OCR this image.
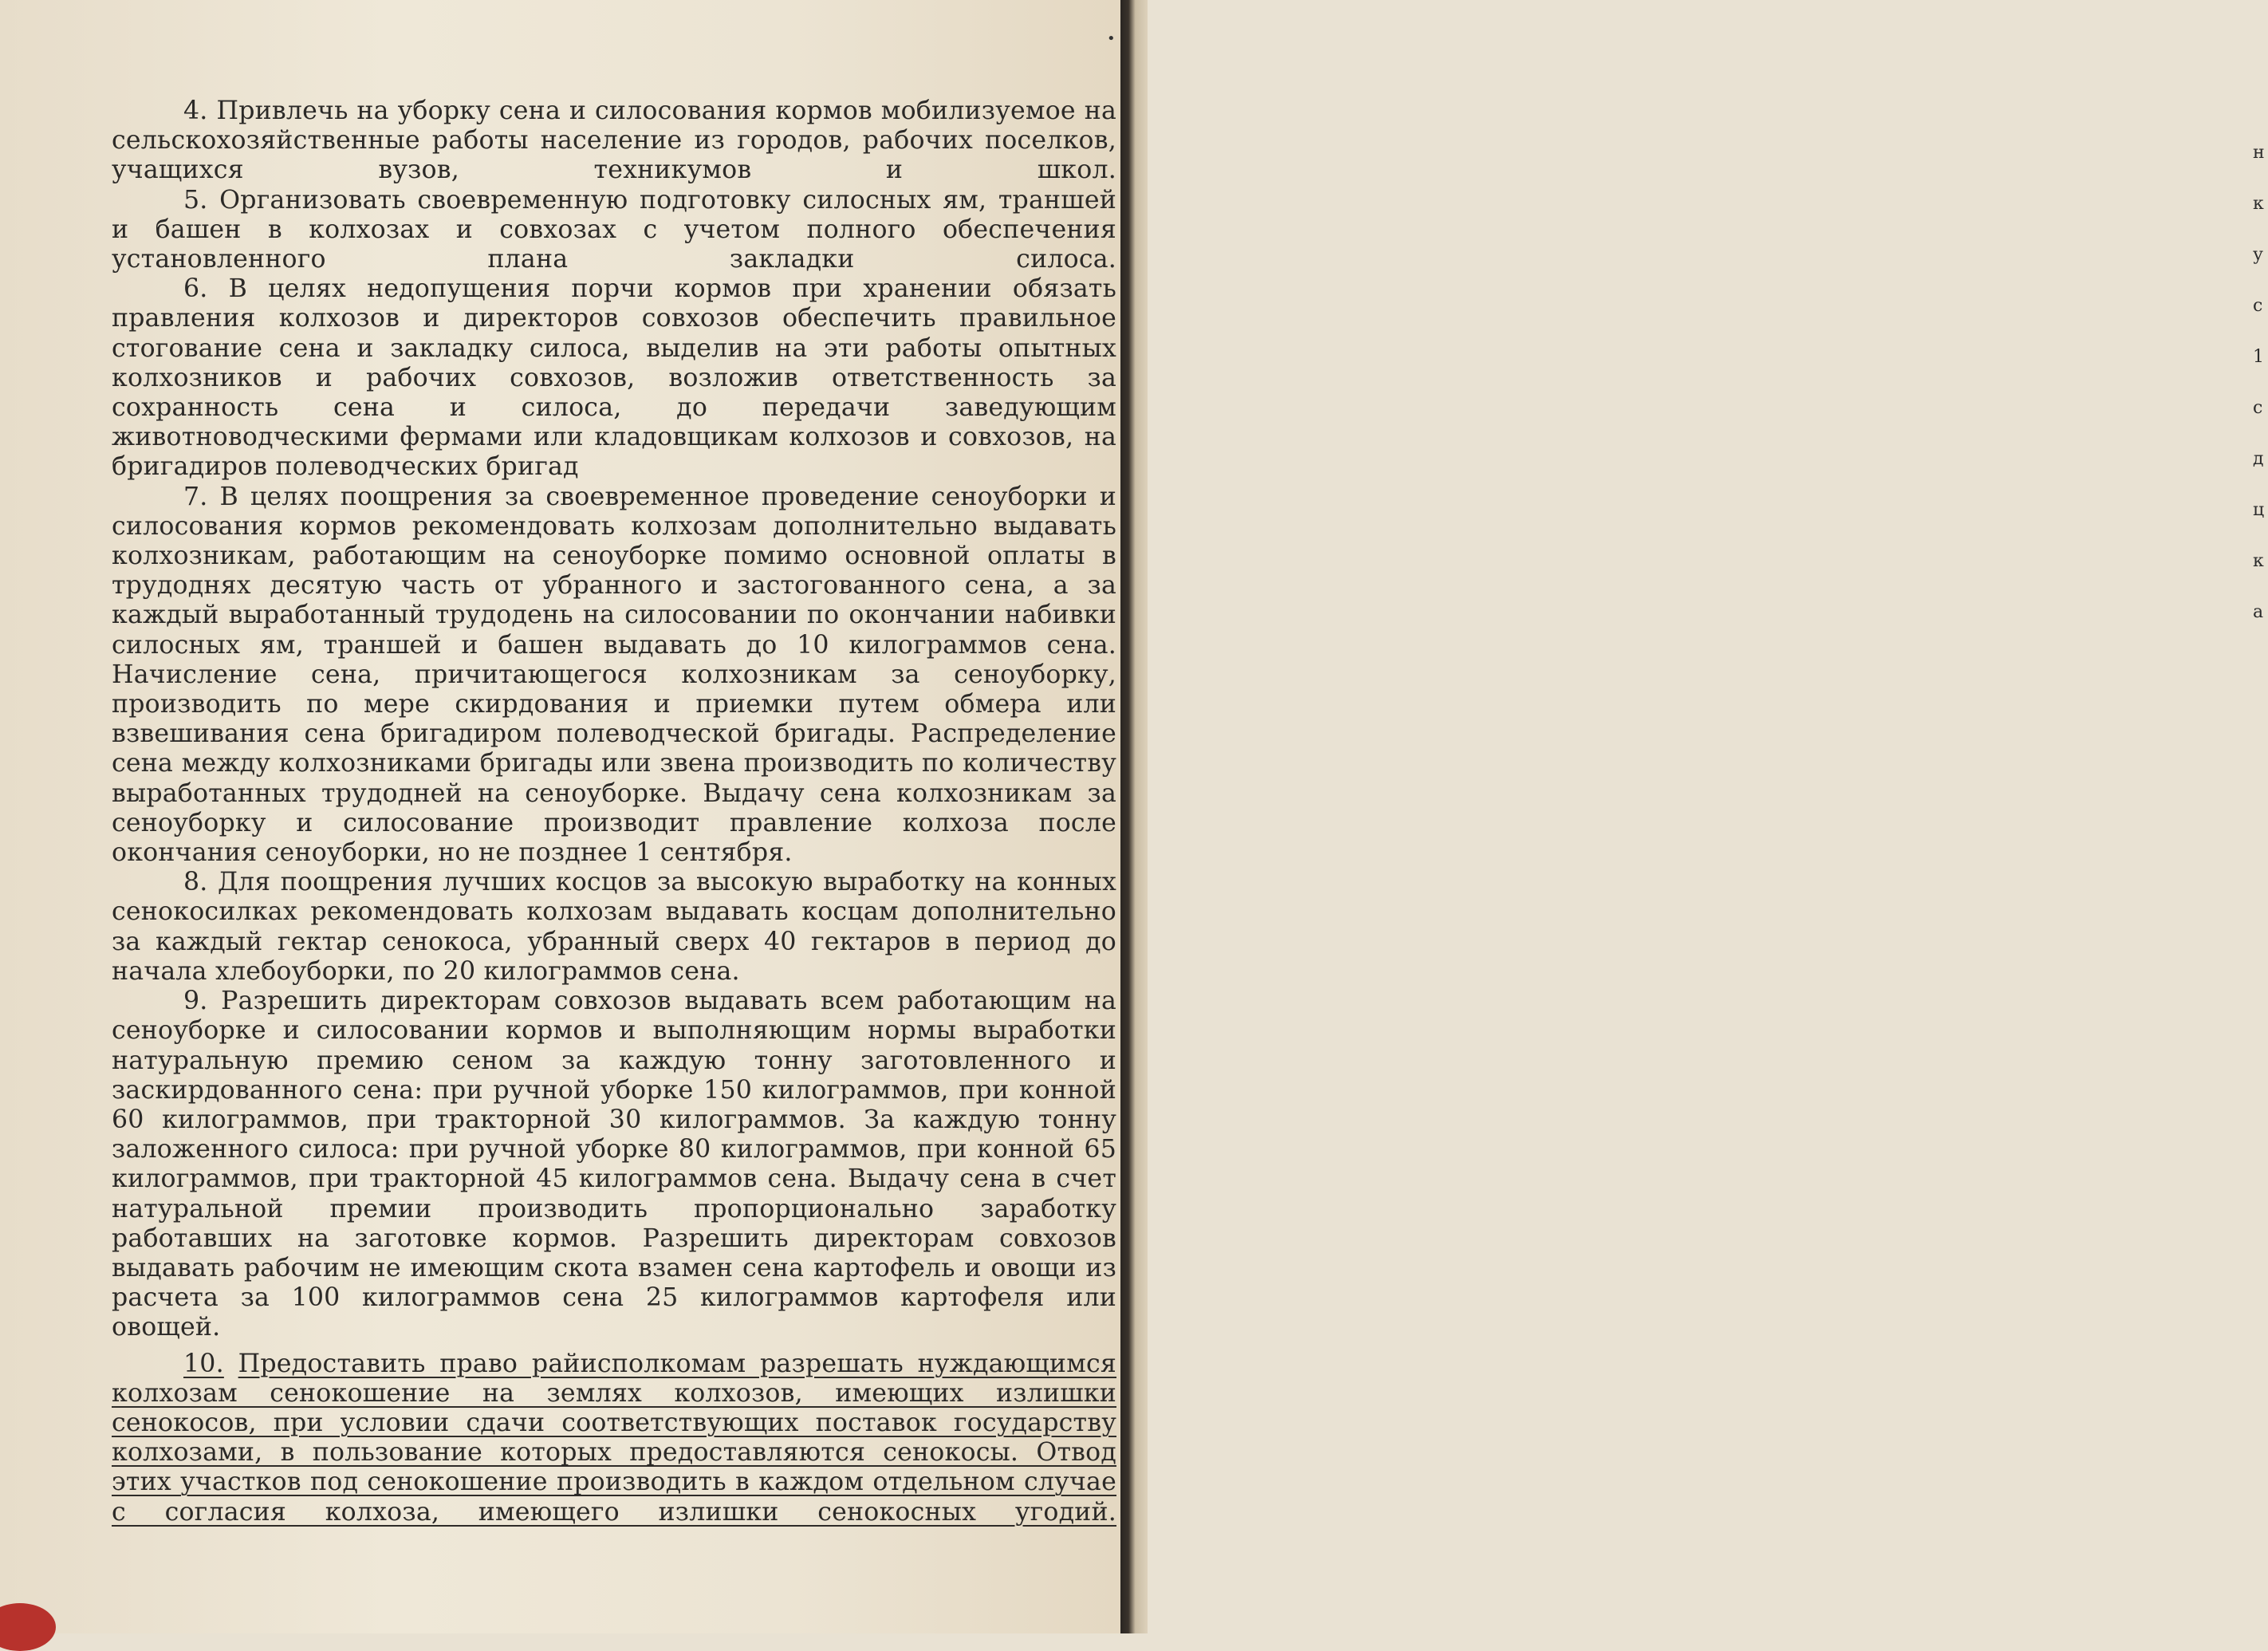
•

4. Привлечь на уборку сена и силосования кормов мобилизуемое на сельскохозяйственные работы население из городов, рабочих поселков, учащихся вузов, техникумов и школ.

5. Организовать своевременную подготовку силосных ям, траншей и башен в колхозах и совхозах с учетом полного обеспечения установленного плана закладки силоса.

6. В целях недопущения порчи кормов при хранении обязать правления колхозов и директоров совхозов обеспечить правильное стогование сена и закладку силоса, выделив на эти работы опытных колхозников и рабочих совхозов, возложив ответственность за сохранность сена и силоса, до передачи заведующим животноводческими фермами или кладовщикам колхозов и совхозов, на бригадиров полеводческих бригад

7. В целях поощрения за своевременное проведение сеноуборки и силосования кормов рекомендовать колхозам дополнительно выдавать колхозникам, работающим на сеноуборке помимо основной оплаты в трудоднях десятую часть от убранного и застогованного сена, а за каждый выработанный трудодень на силосовании по окончании набивки силосных ям, траншей и башен выдавать до 10 килограммов сена. Начисление сена, причитающегося колхозникам за сеноуборку, производить по мере скирдования и приемки путем обмера или взвешивания сена бригадиром полеводческой бригады. Распределение сена между колхозниками бригады или звена производить по количеству выработанных трудодней на сеноуборке. Выдачу сена колхозникам за сеноуборку и силосование производит правление колхоза после окончания сеноуборки, но не позднее 1 сентября.

8. Для поощрения лучших косцов за высокую выработку на конных сенокосилках рекомендовать колхозам выдавать косцам дополнительно за каждый гектар сенокоса, убранный сверх 40 гектаров в период до начала хлебоуборки, по 20 килограммов сена.

9. Разрешить директорам совхозов выдавать всем работающим на сеноуборке и силосовании кормов и выполняющим нормы выработки натуральную премию сеном за каждую тонну заготовленного и заскирдованного сена: при ручной уборке 150 килограммов, при конной 60 килограммов, при тракторной 30 килограммов. За каждую тонну заложенного силоса: при ручной уборке 80 килограммов, при конной 65 килограммов, при тракторной 45 килограммов сена. Выдачу сена в счет натуральной премии производить пропорционально заработку работавших на заготовке кормов. Разрешить директорам совхозов выдавать рабочим не имеющим скота взамен сена картофель и овощи из расчета за 100 килограммов сена 25 килограммов картофеля или овощей.

10. Предоставить право райисполкомам разрешать нуждающимся колхозам сенокошение на землях колхозов, имеющих излишки сенокосов, при условии сдачи соответствующих поставок государству колхозами, в пользование которых предоставляются сенокосы. Отвод этих участков под сенокошение производить в каждом отдельном случае с согласия колхоза, имеющего излишки сенокосных угодий.

н
к
у
с
1
с
д
ц
к
а
